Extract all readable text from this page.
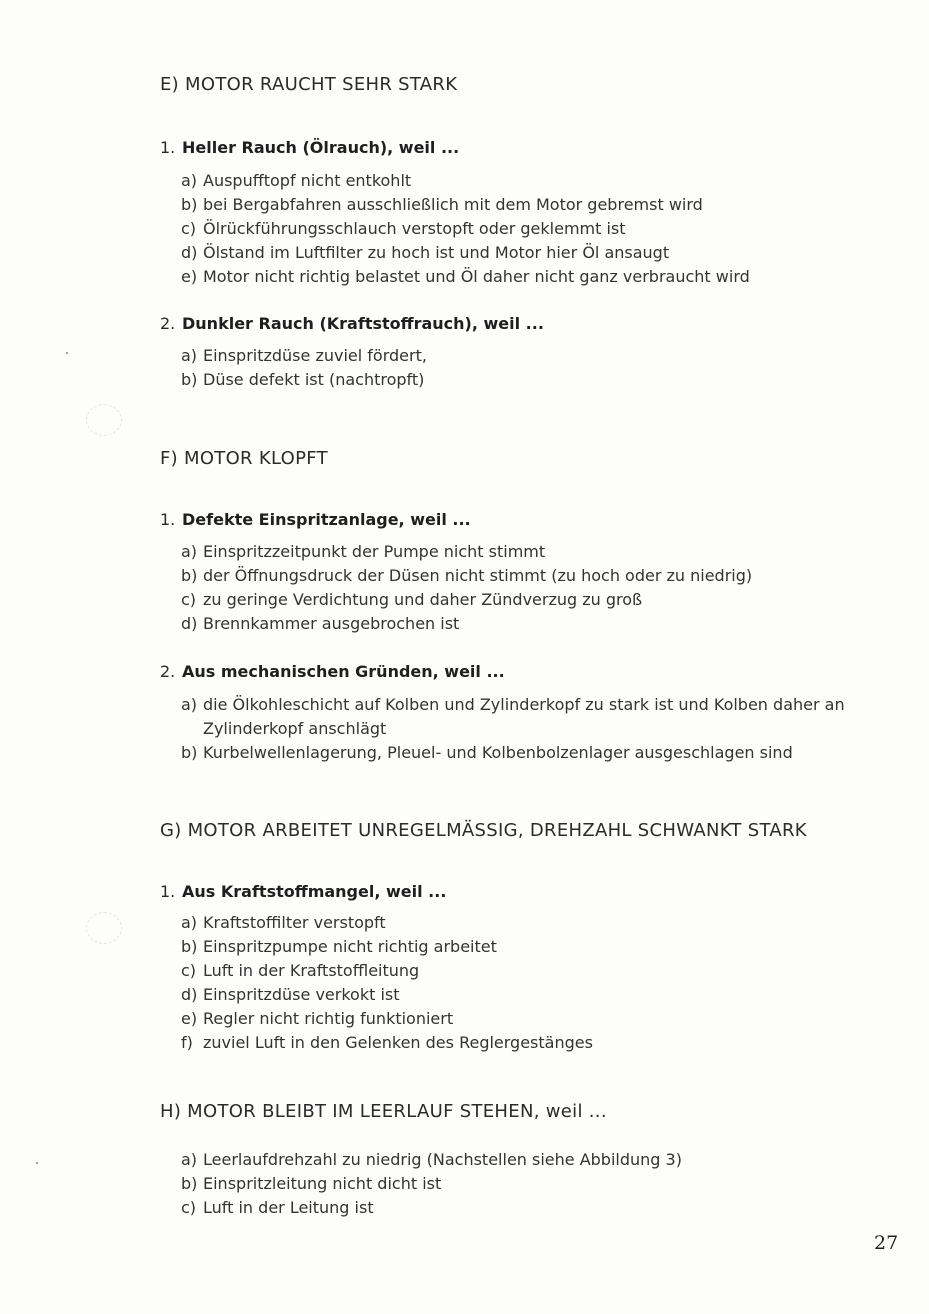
E) MOTOR RAUCHT SEHR STARK
1. Heller Rauch (Ölrauch), weil ...
a) Auspufftopf nicht entkohlt
b) bei Bergabfahren ausschließlich mit dem Motor gebremst wird
c) Ölrückführungsschlauch verstopft oder geklemmt ist
d) Ölstand im Luftfilter zu hoch ist und Motor hier Öl ansaugt
e) Motor nicht richtig belastet und Öl daher nicht ganz verbraucht wird
2. Dunkler Rauch (Kraftstoffrauch), weil ...
a) Einspritzdüse zuviel fördert,
b) Düse defekt ist (nachtropft)
F) MOTOR KLOPFT
1. Defekte Einspritzanlage, weil ...
a) Einspritzzeitpunkt der Pumpe nicht stimmt
b) der Öffnungsdruck der Düsen nicht stimmt (zu hoch oder zu niedrig)
c) zu geringe Verdichtung und daher Zündverzug zu groß
d) Brennkammer ausgebrochen ist
2. Aus mechanischen Gründen, weil ...
a) die Ölkohleschicht auf Kolben und Zylinderkopf zu stark ist und Kolben daher an Zylinderkopf anschlägt
b) Kurbelwellenlagerung, Pleuel- und Kolbenbolzenlager ausgeschlagen sind
G) MOTOR ARBEITET UNREGELMÄSSIG, DREHZAHL SCHWANKT STARK
1. Aus Kraftstoffmangel, weil ...
a) Kraftstoffilter verstopft
b) Einspritzpumpe nicht richtig arbeitet
c) Luft in der Kraftstoffleitung
d) Einspritzdüse verkokt ist
e) Regler nicht richtig funktioniert
f) zuviel Luft in den Gelenken des Reglergestänges
H) MOTOR BLEIBT IM LEERLAUF STEHEN, weil ...
a) Leerlaufdrehzahl zu niedrig (Nachstellen siehe Abbildung 3)
b) Einspritzleitung nicht dicht ist
c) Luft in der Leitung ist
27
